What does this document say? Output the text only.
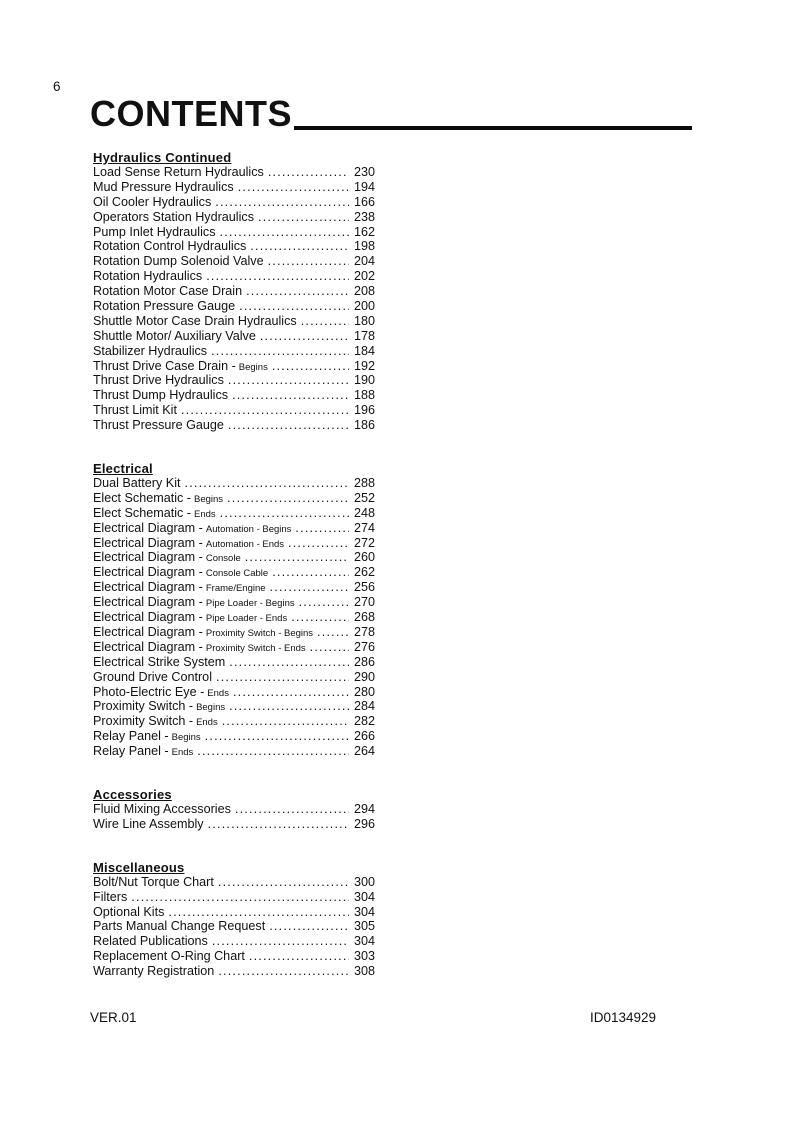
6
CONTENTS
Hydraulics Continued
Load Sense Return Hydraulics .....	230
Mud Pressure Hydraulics .....	194
Oil Cooler Hydraulics .....	166
Operators Station Hydraulics .....	238
Pump Inlet Hydraulics .....	162
Rotation Control Hydraulics .....	198
Rotation Dump Solenoid Valve .....	204
Rotation Hydraulics .....	202
Rotation Motor Case Drain .....	208
Rotation Pressure Gauge .....	200
Shuttle Motor Case Drain Hydraulics .....	180
Shuttle Motor/ Auxiliary Valve .....	178
Stabilizer Hydraulics .....	184
Thrust Drive Case Drain - Begins .....	192
Thrust Drive Hydraulics .....	190
Thrust Dump Hydraulics .....	188
Thrust Limit Kit .....	196
Thrust Pressure Gauge .....	186
Electrical
Dual Battery Kit .....	288
Elect Schematic - Begins .....	252
Elect Schematic - Ends .....	248
Electrical Diagram - Automation - Begins .....	274
Electrical Diagram - Automation - Ends .....	272
Electrical Diagram - Console .....	260
Electrical Diagram - Console Cable .....	262
Electrical Diagram - Frame/Engine .....	256
Electrical Diagram - Pipe Loader - Begins .....	270
Electrical Diagram - Pipe Loader - Ends .....	268
Electrical Diagram - Proximity Switch - Begins .....	278
Electrical Diagram - Proximity Switch - Ends .....	276
Electrical Strike System .....	286
Ground Drive Control .....	290
Photo-Electric Eye - Ends .....	280
Proximity Switch - Begins .....	284
Proximity Switch - Ends .....	282
Relay Panel - Begins .....	266
Relay Panel - Ends .....	264
Accessories
Fluid Mixing Accessories .....	294
Wire Line Assembly .....	296
Miscellaneous
Bolt/Nut Torque Chart .....	300
Filters .....	304
Optional Kits .....	304
Parts Manual Change Request .....	305
Related Publications .....	304
Replacement O-Ring Chart .....	303
Warranty Registration .....	308
VER.01	ID0134929
